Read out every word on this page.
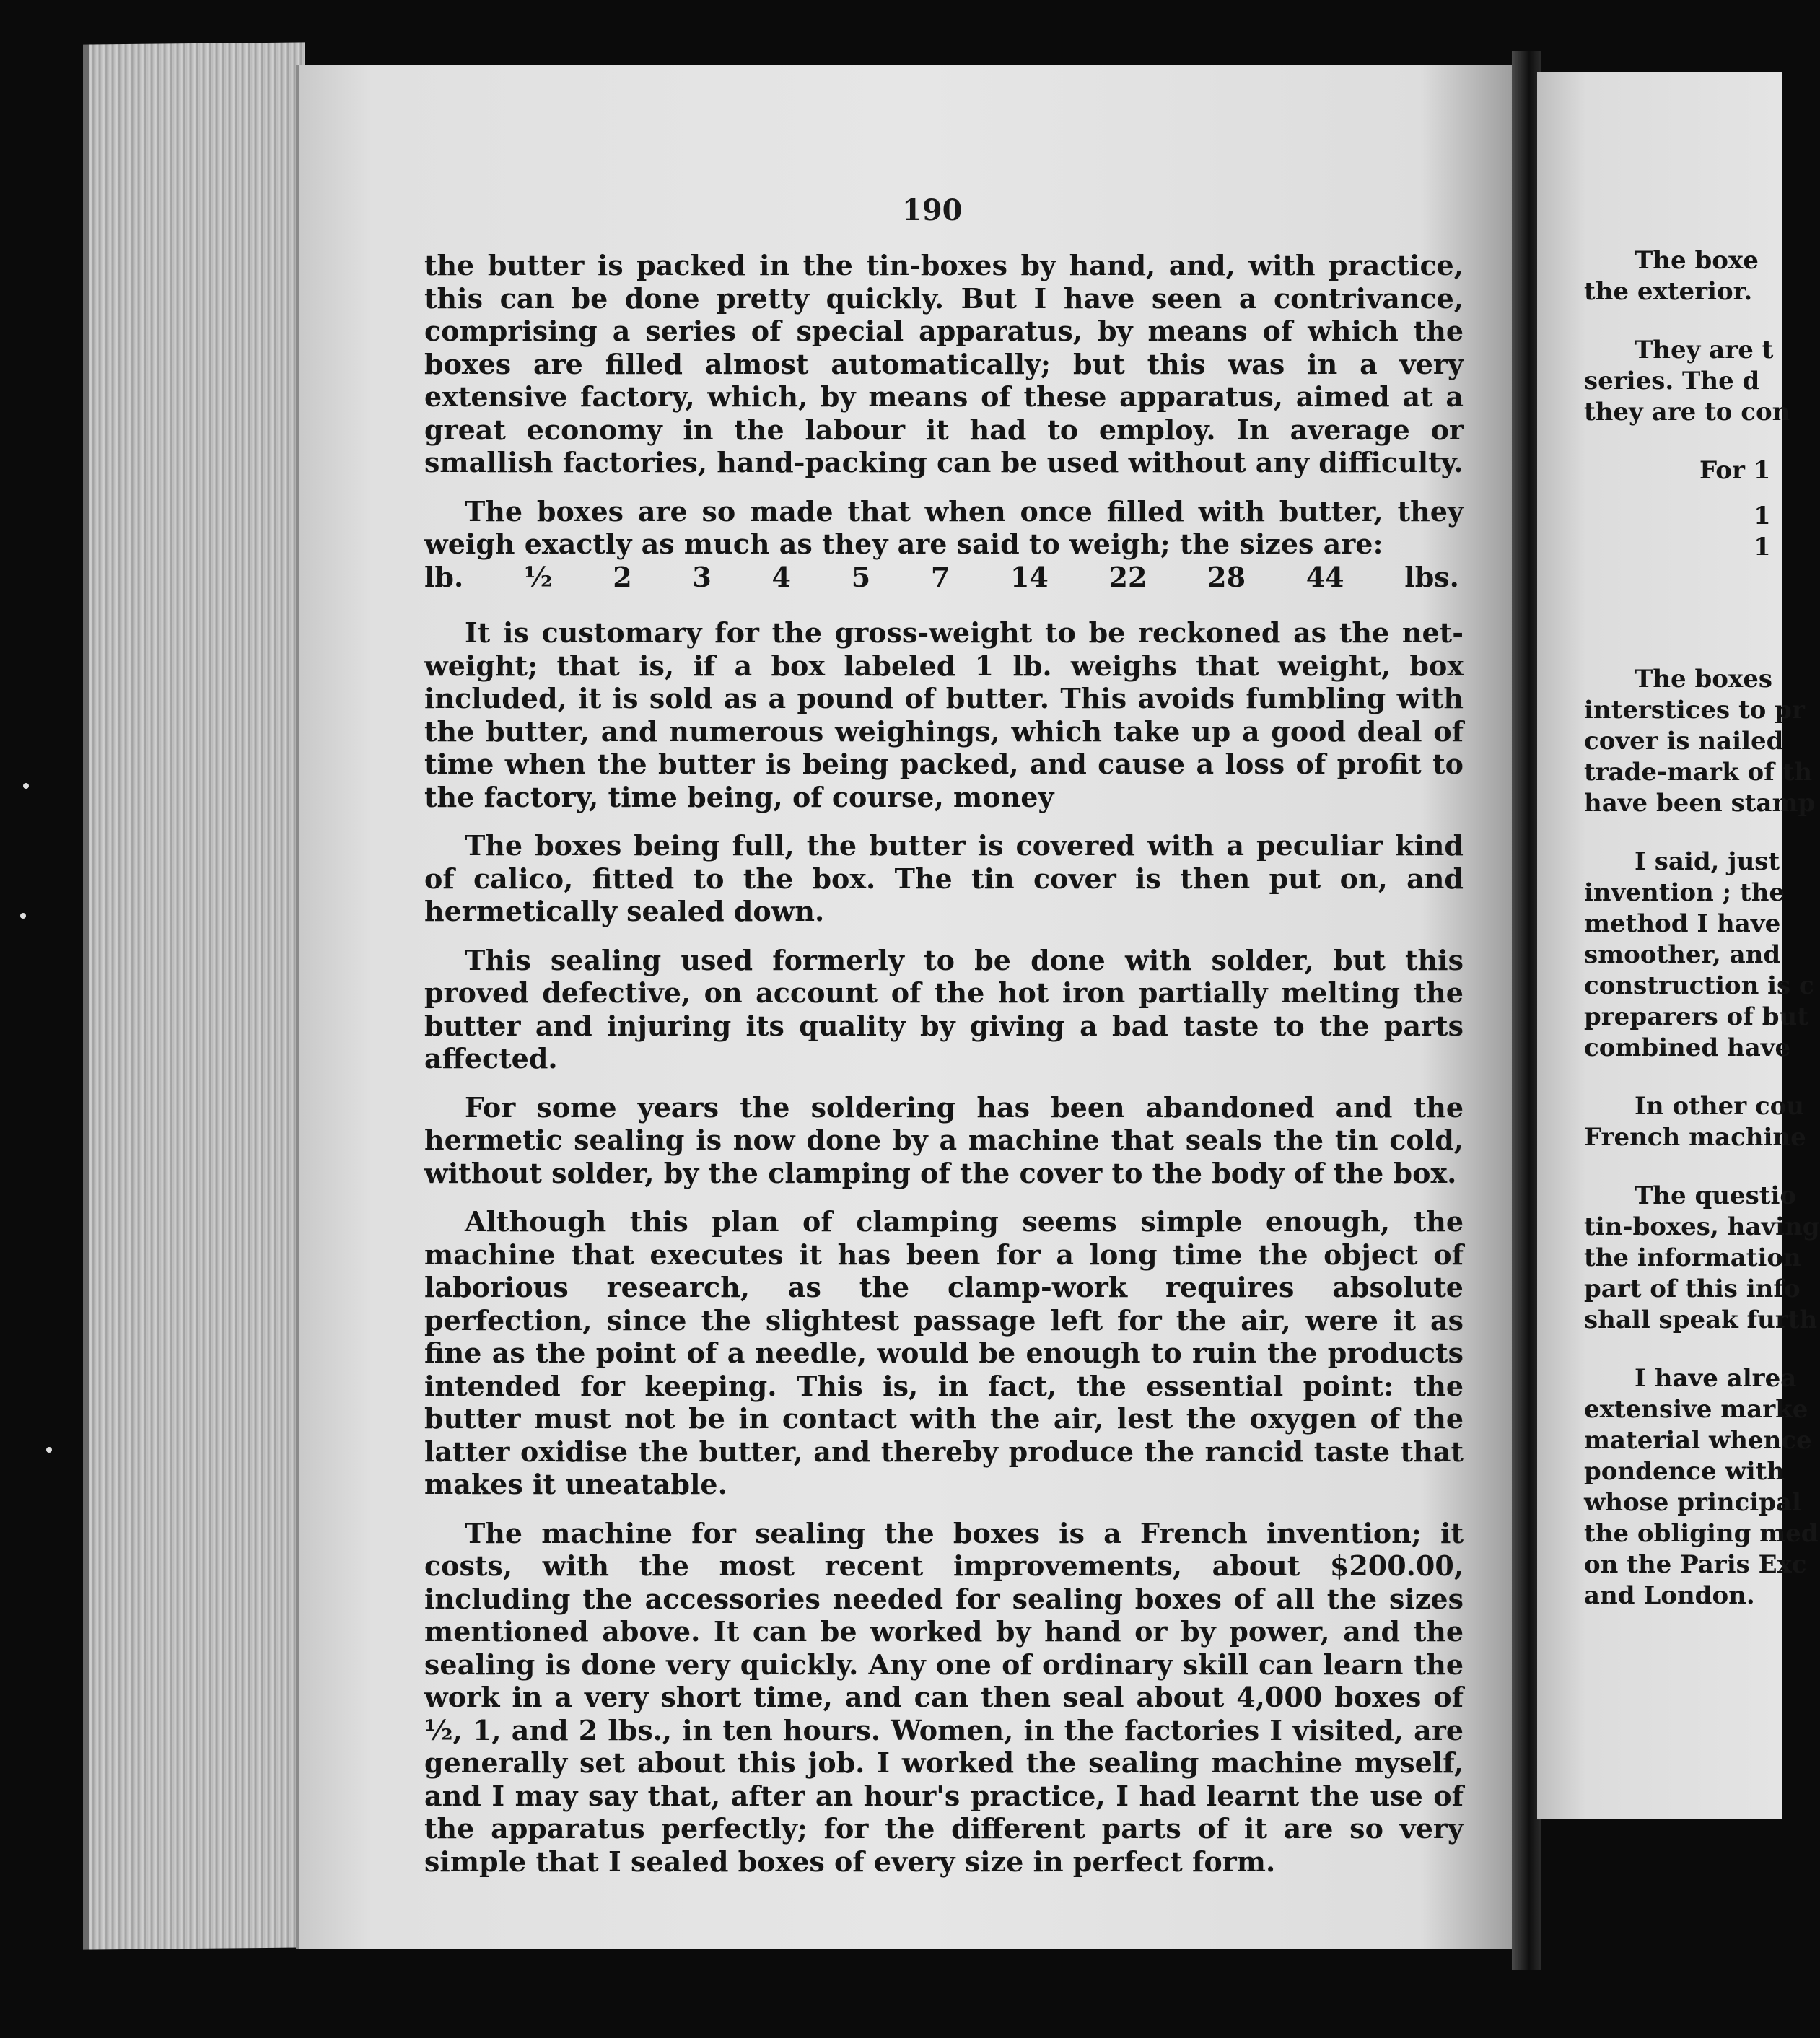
190

the butter is packed in the tin-boxes by hand, and, with practice, this can be done pretty quickly. But I have seen a contrivance, comprising a series of special apparatus, by means of which the boxes are filled almost automatically; but this was in a very extensive factory, which, by means of these apparatus, aimed at a great economy in the labour it had to employ. In average or smallish factories, hand-packing can be used without any difficulty.

The boxes are so made that when once filled with butter, they weigh exactly as much as they are said to weigh; the sizes are:

lb. ½ 2 3 4 5 7 14 22 28 44 lbs.

It is customary for the gross-weight to be reckoned as the net-weight; that is, if a box labeled 1 lb. weighs that weight, box included, it is sold as a pound of butter. This avoids fumbling with the butter, and numerous weighings, which take up a good deal of time when the butter is being packed, and cause a loss of profit to the factory, time being, of course, money

The boxes being full, the butter is covered with a peculiar kind of calico, fitted to the box. The tin cover is then put on, and hermetically sealed down.

This sealing used formerly to be done with solder, but this proved defective, on account of the hot iron partially melting the butter and injuring its quality by giving a bad taste to the parts affected.

For some years the soldering has been abandoned and the hermetic sealing is now done by a machine that seals the tin cold, without solder, by the clamping of the cover to the body of the box.

Although this plan of clamping seems simple enough, the machine that executes it has been for a long time the object of laborious research, as the clamp-work requires absolute perfection, since the slightest passage left for the air, were it as fine as the point of a needle, would be enough to ruin the products intended for keeping. This is, in fact, the essential point: the butter must not be in contact with the air, lest the oxygen of the latter oxidise the butter, and thereby produce the rancid taste that makes it uneatable.

The machine for sealing the boxes is a French invention; it costs, with the most recent improvements, about $200.00, including the accessories needed for sealing boxes of all the sizes mentioned above. It can be worked by hand or by power, and the sealing is done very quickly. Any one of ordinary skill can learn the work in a very short time, and can then seal about 4,000 boxes of ½, 1, and 2 lbs., in ten hours. Women, in the factories I visited, are generally set about this job. I worked the sealing machine myself, and I may say that, after an hour's practice, I had learnt the use of the apparatus perfectly; for the different parts of it are so very simple that I sealed boxes of every size in perfect form.

The boxe
the exterior.
They are t
series. The d
they are to con
For 1
1
1
The boxes
interstices to pr
cover is nailed
trade-mark of th
have been stamp
I said, just
invention ; the
method I have
smoother, and
construction is c
preparers of but
combined have
In other cou
French machine
The questio
tin-boxes, having
the information
part of this info
shall speak furth
I have alrea
extensive marke
material whence
pondence with
whose principal
the obliging med
on the Paris Exc
and London.
